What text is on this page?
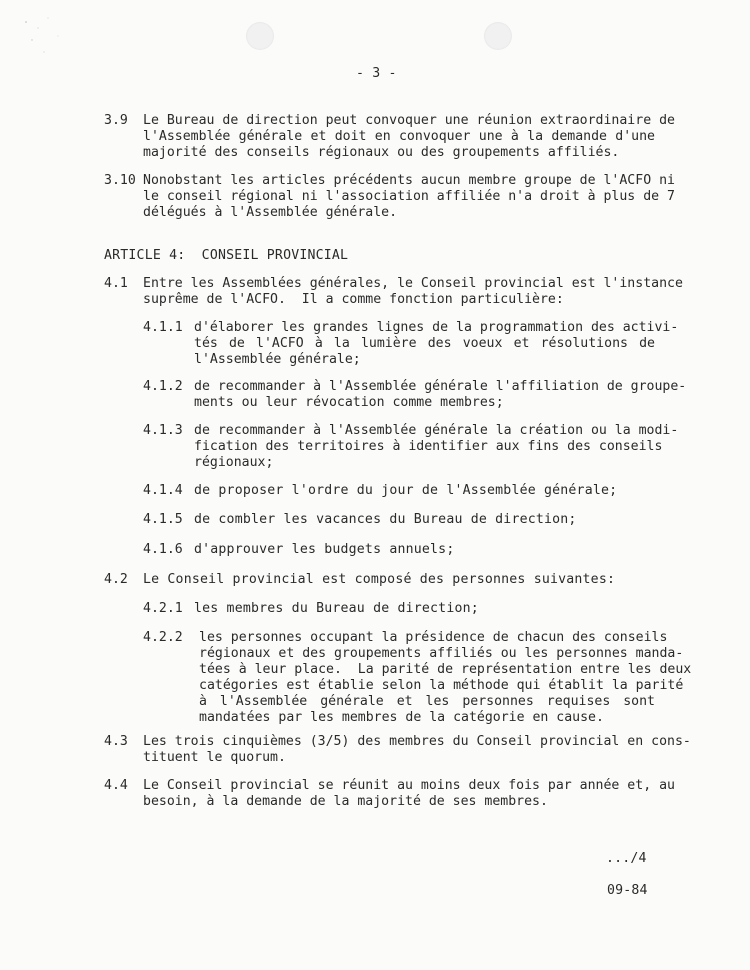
- 3 -
3.9 Le Bureau de direction peut convoquer une réunion extraordinaire de
l'Assemblée générale et doit en convoquer une à la demande d'une
majorité des conseils régionaux ou des groupements affiliés.
3.10 Nonobstant les articles précédents aucun membre groupe de l'ACFO ni
le conseil régional ni l'association affiliée n'a droit à plus de 7
délégués à l'Assemblée générale.
ARTICLE 4:  CONSEIL PROVINCIAL
4.1 Entre les Assemblées générales, le Conseil provincial est l'instance
suprême de l'ACFO.  Il a comme fonction particulière:
4.1.1 d'élaborer les grandes lignes de la programmation des activi-
tés de l'ACFO à la lumière des voeux et résolutions de
l'Assemblée générale;
4.1.2 de recommander à l'Assemblée générale l'affiliation de groupe-
ments ou leur révocation comme membres;
4.1.3 de recommander à l'Assemblée générale la création ou la modi-
fication des territoires à identifier aux fins des conseils
régionaux;
4.1.4 de proposer l'ordre du jour de l'Assemblée générale;
4.1.5 de combler les vacances du Bureau de direction;
4.1.6 d'approuver les budgets annuels;
4.2 Le Conseil provincial est composé des personnes suivantes:
4.2.1 les membres du Bureau de direction;
4.2.2 les personnes occupant la présidence de chacun des conseils
régionaux et des groupements affiliés ou les personnes manda-
tées à leur place.  La parité de représentation entre les deux
catégories est établie selon la méthode qui établit la parité
à l'Assemblée générale et les personnes requises sont
mandatées par les membres de la catégorie en cause.
4.3 Les trois cinquièmes (3/5) des membres du Conseil provincial en cons-
tituent le quorum.
4.4 Le Conseil provincial se réunit au moins deux fois par année et, au
besoin, à la demande de la majorité de ses membres.
.../4
09-84
